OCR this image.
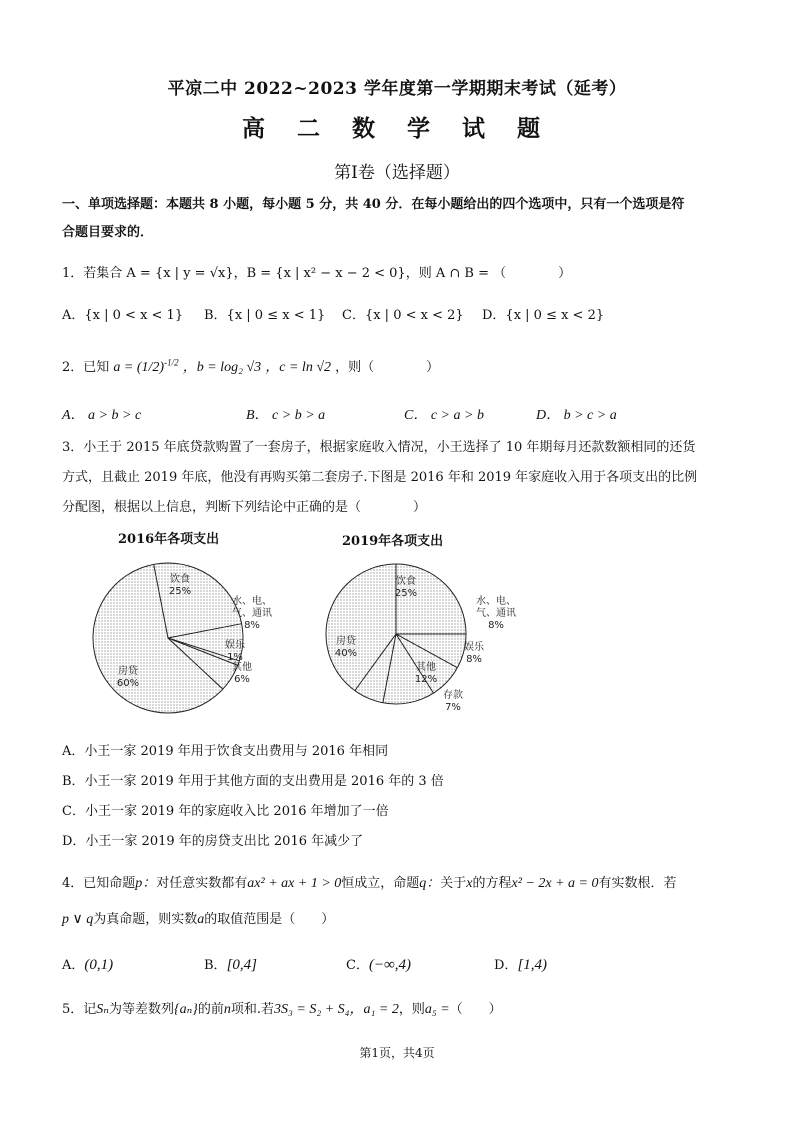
平凉二中 2022~2023 学年度第一学期期末考试（延考）
高 二 数 学 试 题
第Ⅰ卷（选择题）
一、单项选择题：本题共 8 小题，每小题 5 分，共 40 分．在每小题给出的四个选项中，只有一个选项是符
合题目要求的．
1．若集合 A = {x | y = √x}，B = {x | x² − x − 2 < 0}，则 A ∩ B = （　　　　）
A．{x | 0 < x < 1} B．{x | 0 ≤ x < 1} C．{x | 0 < x < 2} D．{x | 0 ≤ x < 2}
2．已知 $a = (1/2)^{-1/2}$ ，b = log₂ √3 ，c = ln √2 ，则（　　　　）
A． a > b > c	B． c > b > a	C． c > a > b	D． b > c > a
3．小王于 2015 年底贷款购置了一套房子，根据家庭收入情况，小王选择了 10 年期每月还款数额相同的还货
方式，且截止 2019 年底，他没有再购买第二套房子.下图是 2016 年和 2019 年家庭收入用于各项支出的比例
分配图，根据以上信息，判断下列结论中正确的是（　　　　）
2016年各项支出	2019年各项支出
饮食 25%
水、电、气、通讯 8%
娱乐 1%
其他 6%
房贷 60%
饮食 25%
水、电、气、通讯 8%
娱乐 8%
其他 12%
存款 7%
房贷 40%
A．小王一家 2019 年用于饮食支出费用与 2016 年相同
B．小王一家 2019 年用于其他方面的支出费用是 2016 年的 3 倍
C．小王一家 2019 年的家庭收入比 2016 年增加了一倍
D．小王一家 2019 年的房贷支出比 2016 年减少了
4．已知命题p：对任意实数都有ax² + ax + 1 > 0恒成立，命题q：关于x的方程x² − 2x + a = 0有实数根．若
p ∨ q为真命题，则实数a的取值范围是（　　）
A．(0,1)	B．[0,4]	C．(−∞,4)	D．[1,4)
5．记Sₙ为等差数列{aₙ}的前n项和.若3S₃ = S₂ + S₄，a₁ = 2，则a₅ =（　　）
第1页，共4页
